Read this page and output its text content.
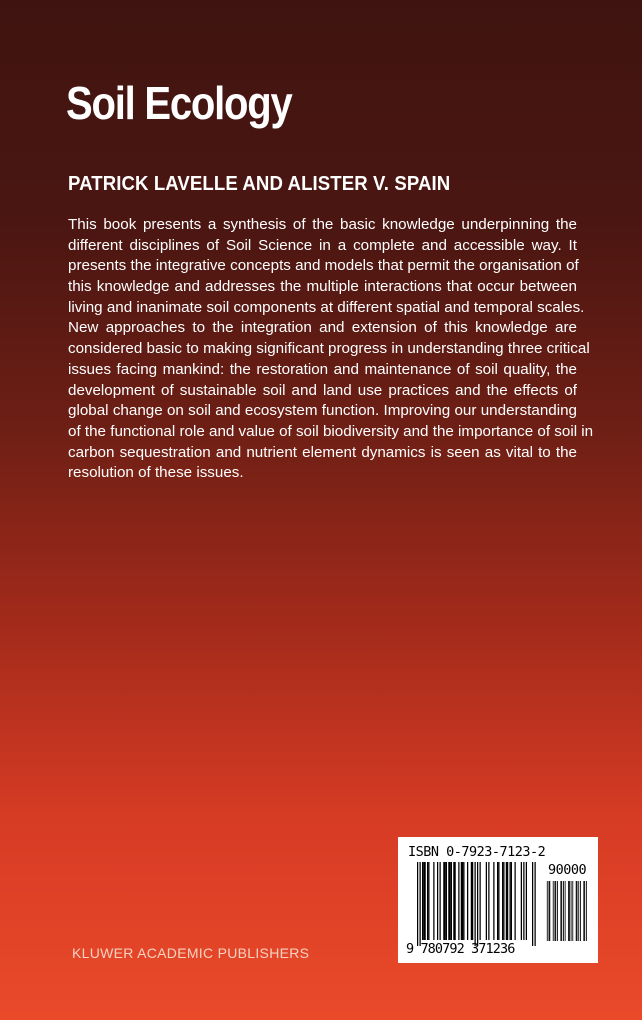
Soil Ecology
PATRICK LAVELLE AND ALISTER V. SPAIN
This book presents a synthesis of the basic knowledge underpinning the
different disciplines of Soil Science in a complete and accessible way. It
presents the integrative concepts and models that permit the organisation of
this knowledge and addresses the multiple interactions that occur between
living and inanimate soil components at different spatial and temporal scales.
New approaches to the integration and extension of this knowledge are
considered basic to making significant progress in understanding three critical
issues facing mankind: the restoration and maintenance of soil quality, the
development of sustainable soil and land use practices and the effects of
global change on soil and ecosystem function. Improving our understanding
of the functional role and value of soil biodiversity and the importance of soil in
carbon sequestration and nutrient element dynamics is seen as vital to the
resolution of these issues.
ISBN 0-7923-7123-2
90000
9 780792 371236
KLUWER ACADEMIC PUBLISHERS
